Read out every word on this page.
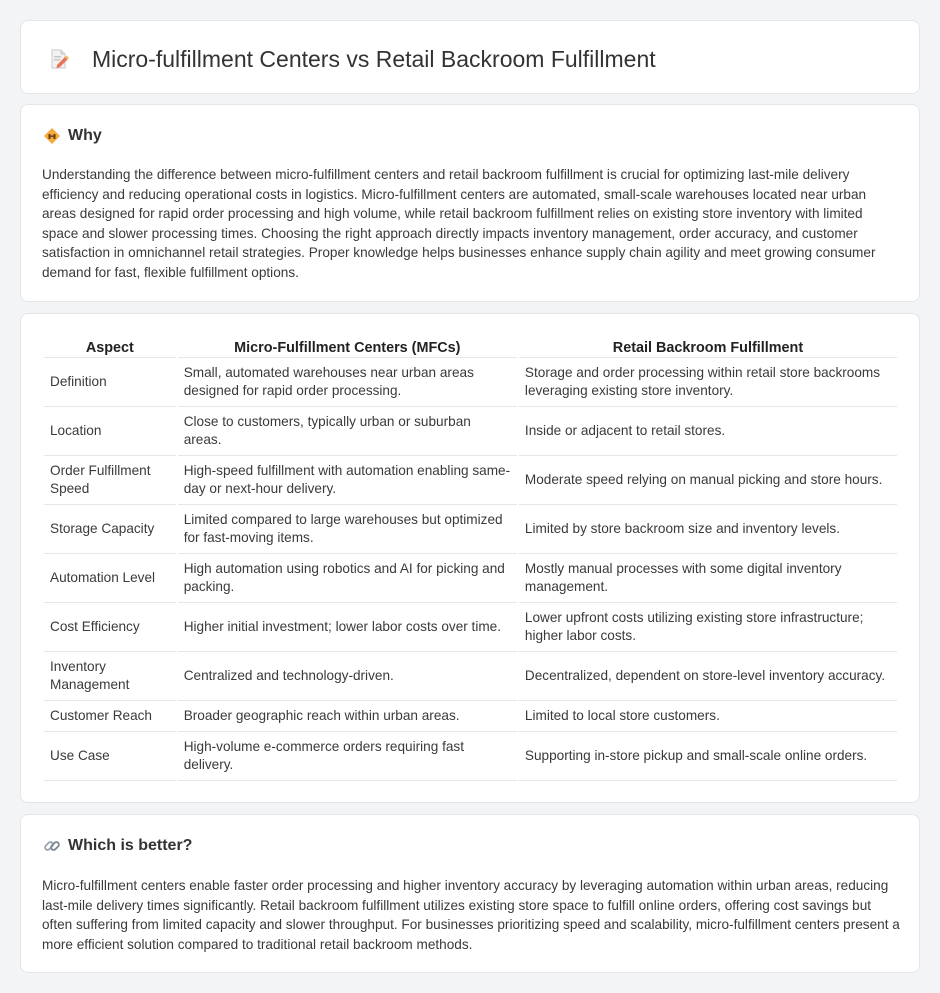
Micro-fulfillment Centers vs Retail Backroom Fulfillment
Why

Understanding the difference between micro-fulfillment centers and retail backroom fulfillment is crucial for optimizing last-mile delivery efficiency and reducing operational costs in logistics. Micro-fulfillment centers are automated, small-scale warehouses located near urban areas designed for rapid order processing and high volume, while retail backroom fulfillment relies on existing store inventory with limited space and slower processing times. Choosing the right approach directly impacts inventory management, order accuracy, and customer satisfaction in omnichannel retail strategies. Proper knowledge helps businesses enhance supply chain agility and meet growing consumer demand for fast, flexible fulfillment options.

Aspect	Micro-Fulfillment Centers (MFCs)	Retail Backroom Fulfillment
Definition	Small, automated warehouses near urban areas designed for rapid order processing.	Storage and order processing within retail store backrooms leveraging existing store inventory.
Location	Close to customers, typically urban or suburban areas.	Inside or adjacent to retail stores.
Order Fulfillment Speed	High-speed fulfillment with automation enabling same-day or next-hour delivery.	Moderate speed relying on manual picking and store hours.
Storage Capacity	Limited compared to large warehouses but optimized for fast-moving items.	Limited by store backroom size and inventory levels.
Automation Level	High automation using robotics and AI for picking and packing.	Mostly manual processes with some digital inventory management.
Cost Efficiency	Higher initial investment; lower labor costs over time.	Lower upfront costs utilizing existing store infrastructure; higher labor costs.
Inventory Management	Centralized and technology-driven.	Decentralized, dependent on store-level inventory accuracy.
Customer Reach	Broader geographic reach within urban areas.	Limited to local store customers.
Use Case	High-volume e-commerce orders requiring fast delivery.	Supporting in-store pickup and small-scale online orders.
Which is better?

Micro-fulfillment centers enable faster order processing and higher inventory accuracy by leveraging automation within urban areas, reducing last-mile delivery times significantly. Retail backroom fulfillment utilizes existing store space to fulfill online orders, offering cost savings but often suffering from limited capacity and slower throughput. For businesses prioritizing speed and scalability, micro-fulfillment centers present a more efficient solution compared to traditional retail backroom methods.
